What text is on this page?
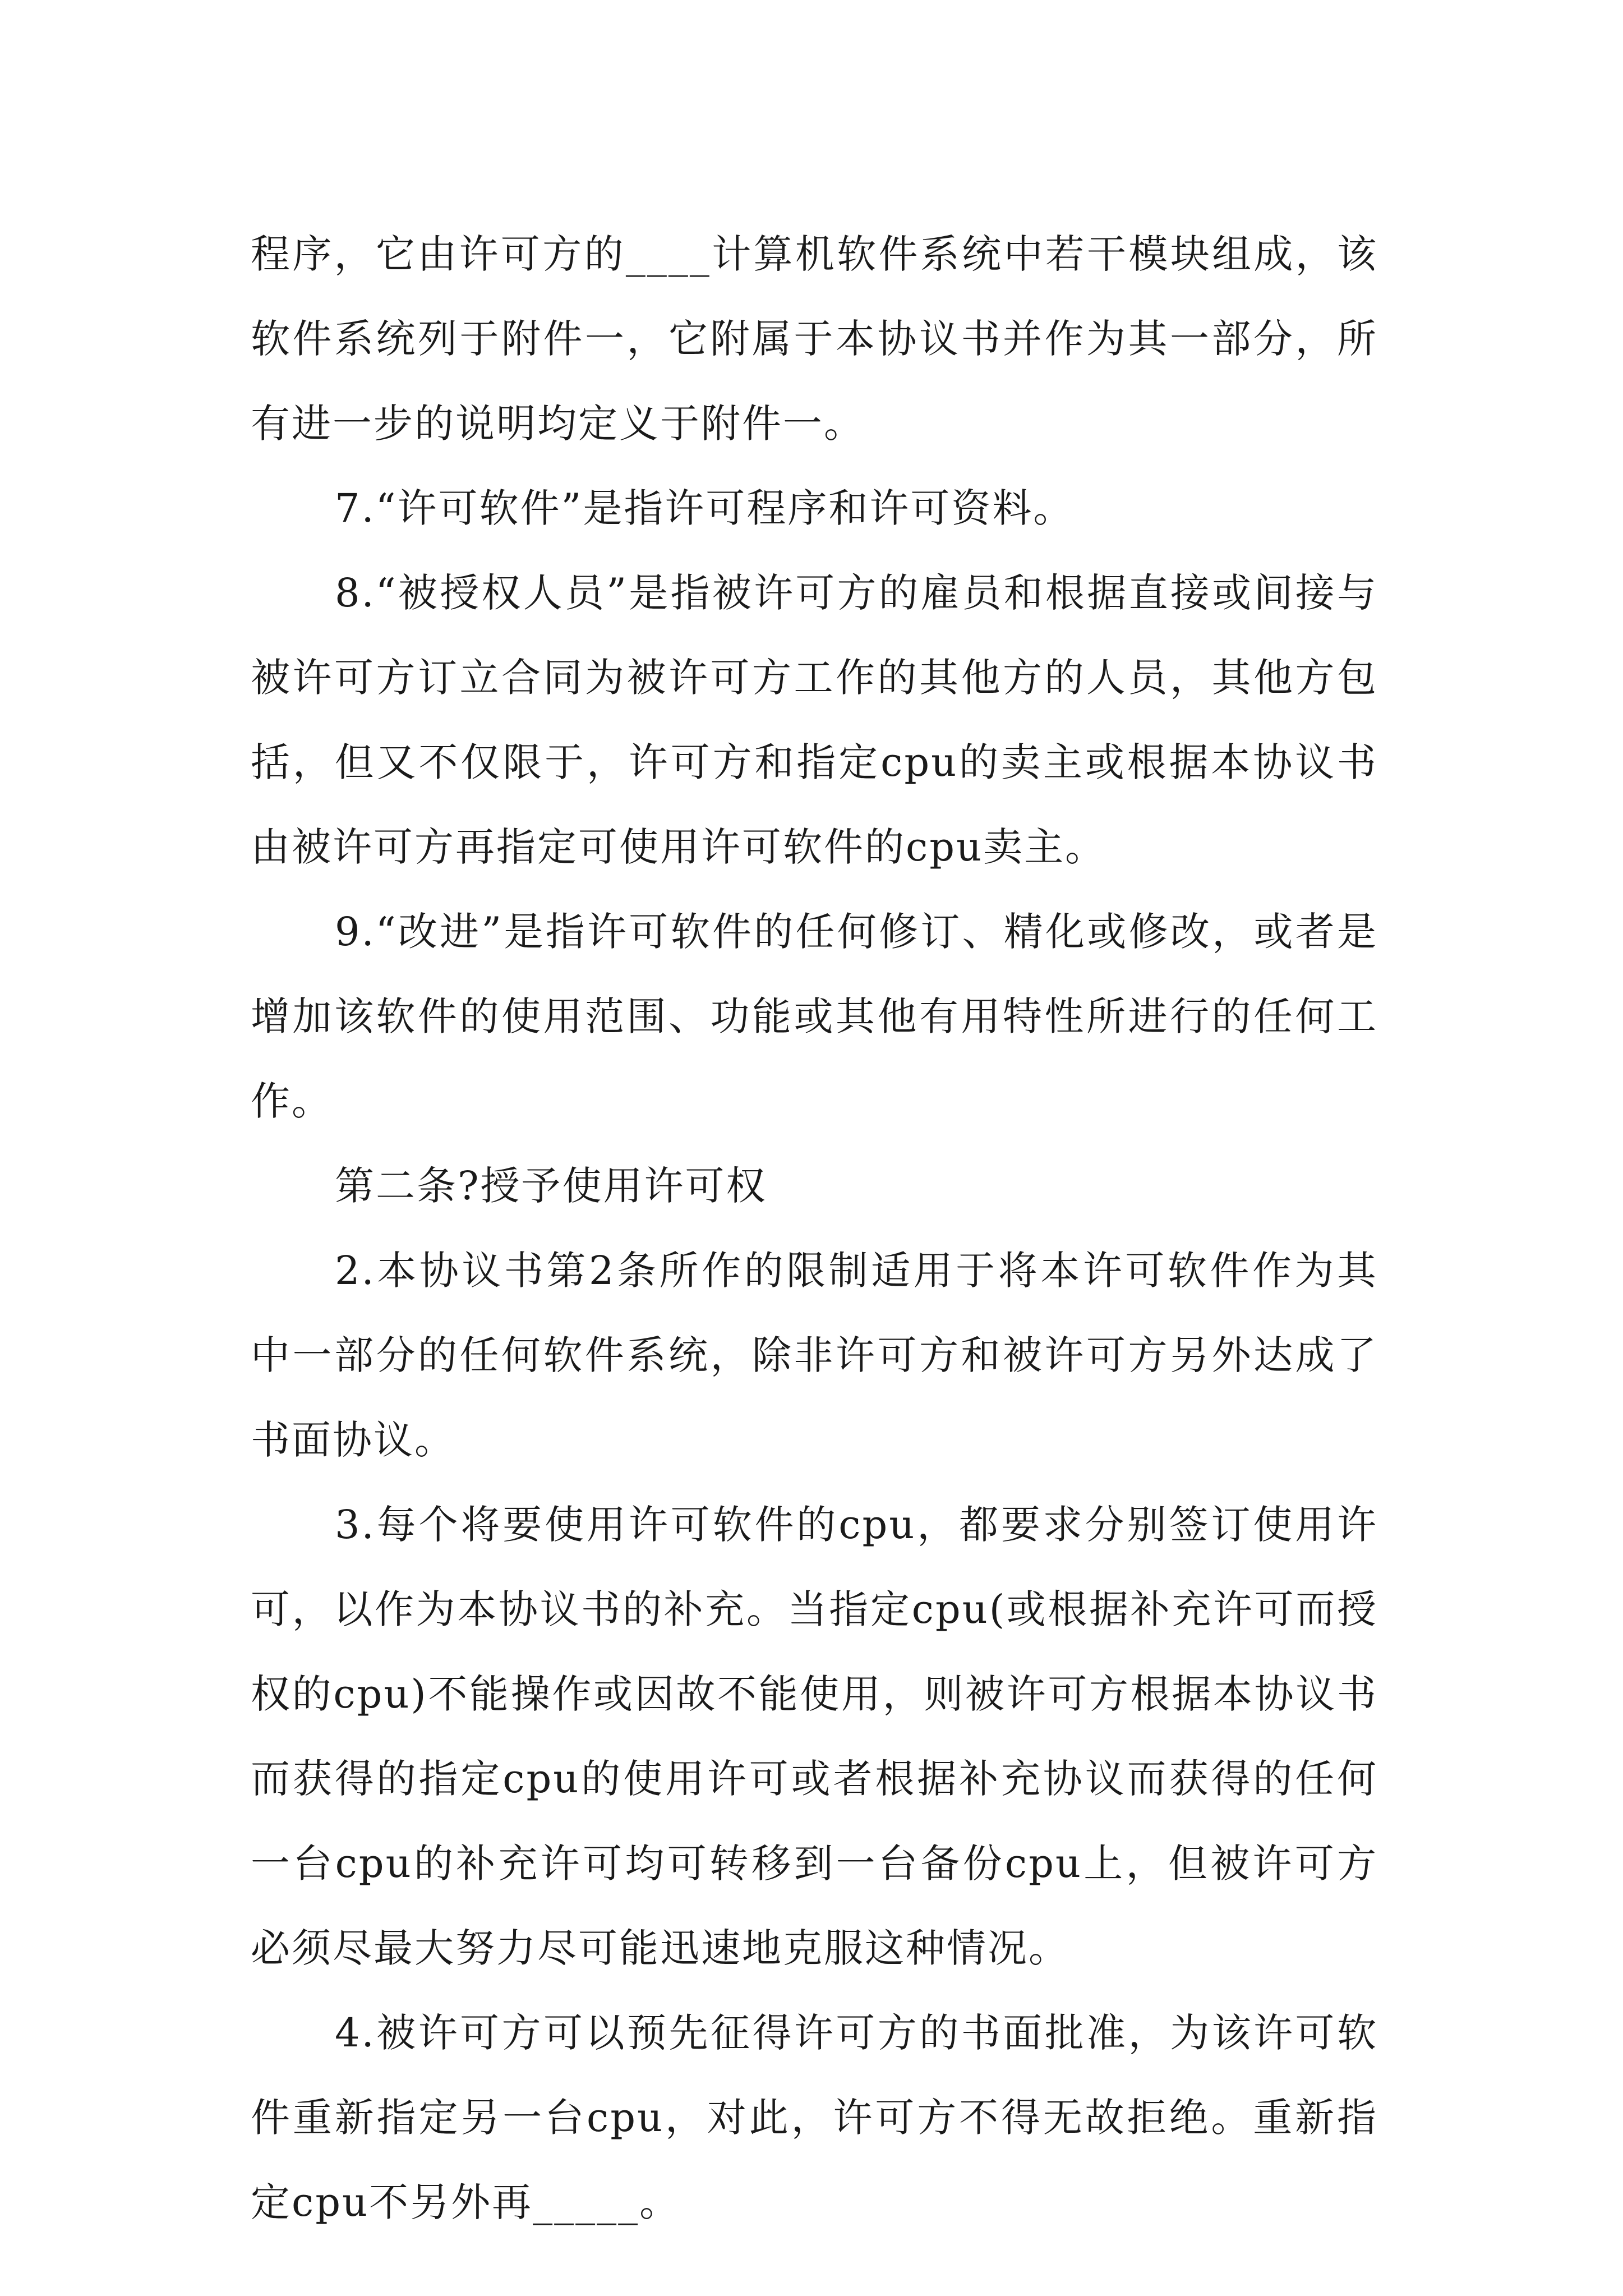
程序，它由许可方的____计算机软件系统中若干模块组成，该软件系统列于附件一，它附属于本协议书并作为其一部分，所有进一步的说明均定义于附件一。

7.“许可软件”是指许可程序和许可资料。

8.“被授权人员”是指被许可方的雇员和根据直接或间接与被许可方订立合同为被许可方工作的其他方的人员，其他方包括，但又不仅限于，许可方和指定cpu的卖主或根据本协议书由被许可方再指定可使用许可软件的cpu卖主。

9.“改进”是指许可软件的任何修订、精化或修改，或者是增加该软件的使用范围、功能或其他有用特性所进行的任何工作。

第二条?授予使用许可权

2.本协议书第2条所作的限制适用于将本许可软件作为其中一部分的任何软件系统，除非许可方和被许可方另外达成了书面协议。

3.每个将要使用许可软件的cpu，都要求分别签订使用许可，以作为本协议书的补充。当指定cpu(或根据补充许可而授权的cpu)不能操作或因故不能使用，则被许可方根据本协议书而获得的指定cpu的使用许可或者根据补充协议而获得的任何一台cpu的补充许可均可转移到一台备份cpu上，但被许可方必须尽最大努力尽可能迅速地克服这种情况。

4.被许可方可以预先征得许可方的书面批准，为该许可软件重新指定另一台cpu，对此，许可方不得无故拒绝。重新指定cpu不另外再_____。
